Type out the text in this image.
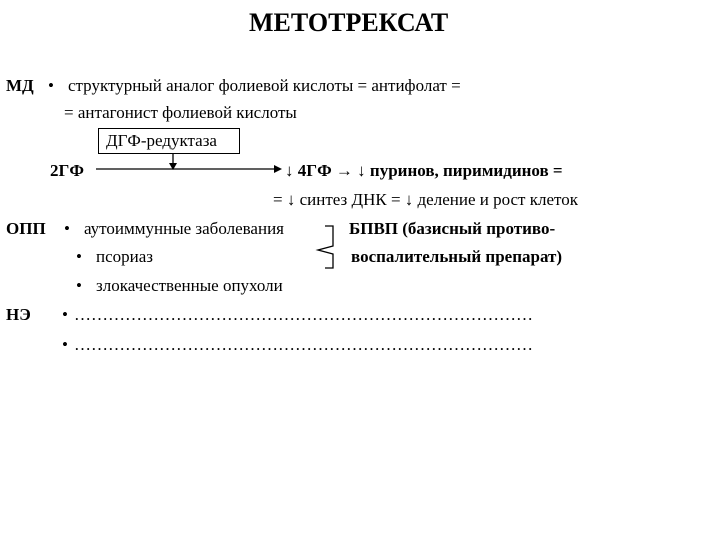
МЕТОТРЕКСАТ
МД • структурный аналог фолиевой кислоты = антифолат =
= антагонист фолиевой кислоты
ДГФ-редуктаза
2ГФ	↓ 4ГФ → ↓ пуринов, пиримидинов =
= ↓ синтез ДНК = ↓ деление и рост клеток
ОПП • аутоиммунные заболевания
• псориаз
• злокачественные опухоли
БПВП (базисный противо-
воспалительный препарат)
НЭ • ………………………………………………………………………
• ………………………………………………………………………
